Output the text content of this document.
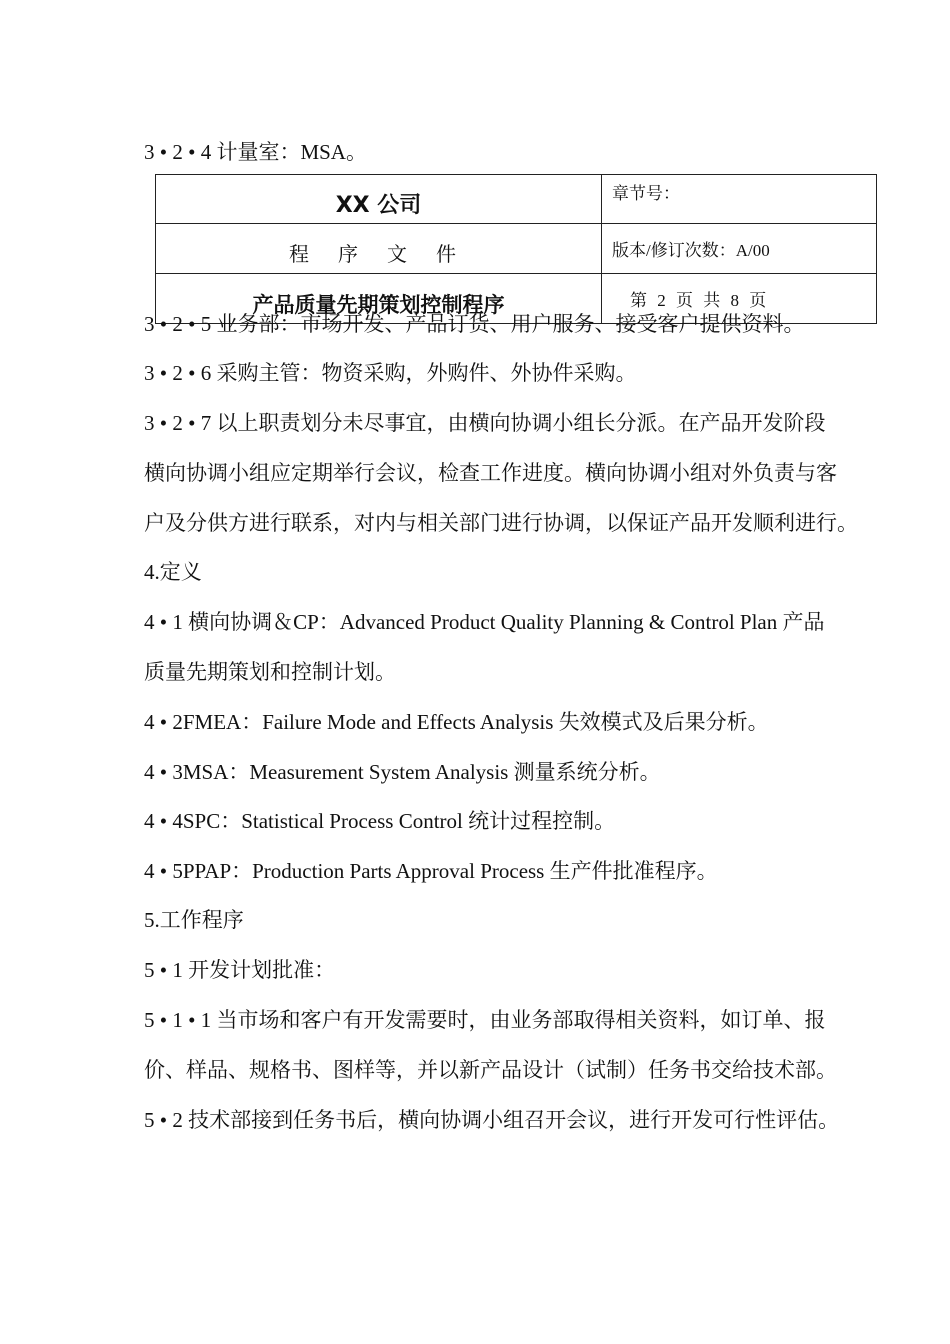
3 • 2 • 4 计量室：MSA。
XX 公司	章节号：
程 序 文 件	版本/修订次数：A/00
产品质量先期策划控制程序	第 2 页 共 8 页
3 • 2 • 5 业务部：市场开发、产品订货、用户服务、接受客户提供资料。
3 • 2 • 6 采购主管：物资采购，外购件、外协件采购。
3 • 2 • 7 以上职责划分未尽事宜，由横向协调小组长分派。在产品开发阶段
横向协调小组应定期举行会议，检查工作进度。横向协调小组对外负责与客
户及分供方进行联系，对内与相关部门进行协调，以保证产品开发顺利进行。
4.定义
4 • 1 横向协调＆CP：Advanced Product Quality Planning & Control Plan 产品
质量先期策划和控制计划。
4 • 2FMEA：Failure Mode and Effects Analysis 失效模式及后果分析。
4 • 3MSA：Measurement System Analysis 测量系统分析。
4 • 4SPC：Statistical Process Control 统计过程控制。
4 • 5PPAP：Production Parts Approval Process 生产件批准程序。
5.工作程序
5 • 1 开发计划批准：
5 • 1 • 1 当市场和客户有开发需要时，由业务部取得相关资料，如订单、报
价、样品、规格书、图样等，并以新产品设计（试制）任务书交给技术部。
5 • 2 技术部接到任务书后，横向协调小组召开会议，进行开发可行性评估。
